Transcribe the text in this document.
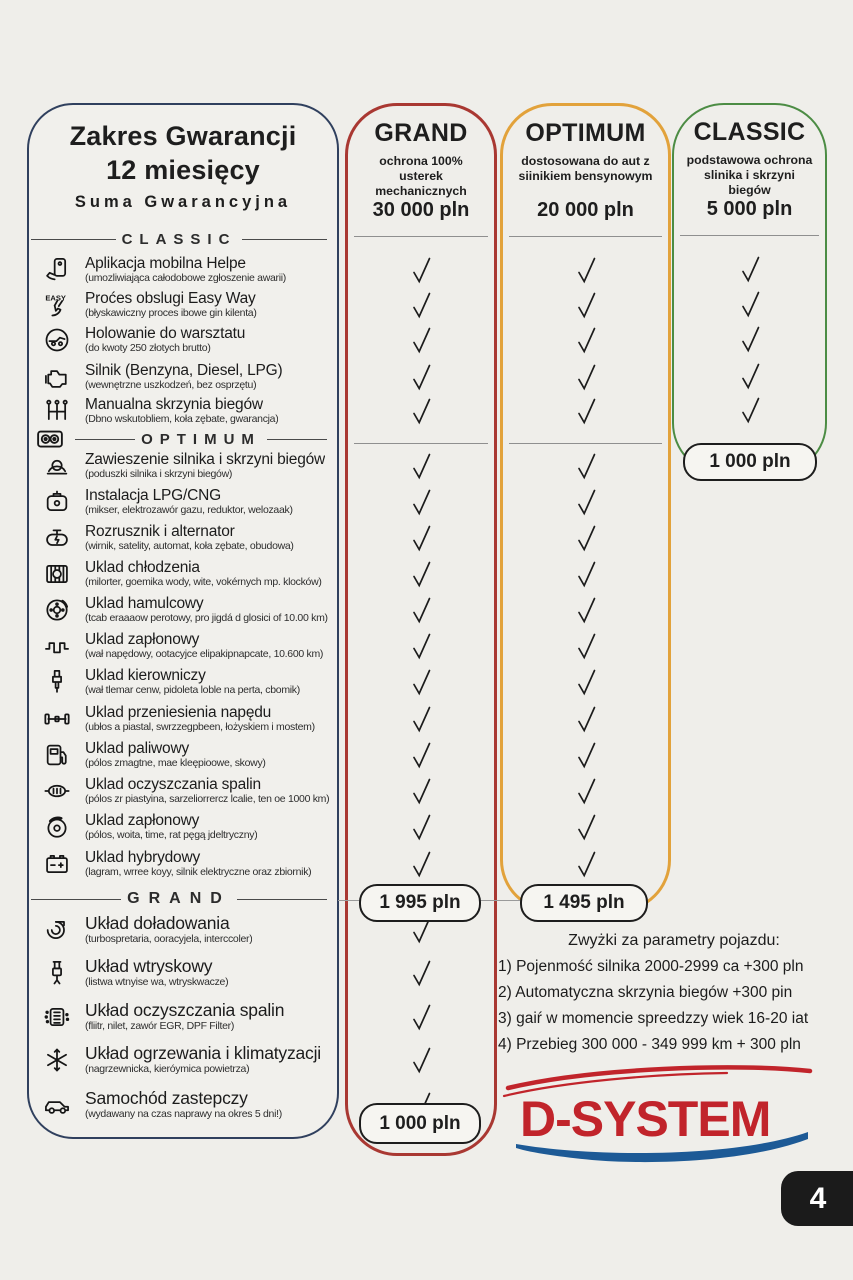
Zakres Gwarancji
12 miesięcy
Suma Gwarancyjna
CLASSIC
Aplikacja mobilna Helpe
(umozliwiająca całodobowe zgłoszenie awarii)
EASY Proćes obslugi Easy Way
(błyskawiczny proces ibowe gin kilenta)
Holowanie do warsztatu
(do kwoty 250 złotych brutto)
Silnik (Benzyna, Diesel, LPG)
(wewnętrzne uszkodzeń, bez osprzętu)
Manualna skrzynia biegów
(Dbno wskutobliem, koła zębate, gwarancja)
OPTIMUM
Zawieszenie silnika i skrzyni biegów
(poduszki silnika i skrzyni biegów)
Instalacja LPG/CNG
(mikser, elektrozawór gazu, reduktor, welozaak)
Rozrusznik i alternator
(wirnik, satelity, automat, koła zębate, obudowa)
Uklad chłodzenia
(milorter, goemika wody, wite, vokérnych mp. klocków)
Uklad hamulcowy
(tcab eraaaow perotowy, pro jigdá d glosici of 10.00 km)
Uklad zapłonowy
(wał napędowy, ootacyjce elipakipnapcate, 10.600 km)
Uklad kierowniczy
(wał tlemar cenw, pidoleta loble na perta, cbomik)
Uklad przeniesienia napędu
(ubłos a piastal, swrzzegpbeen, łożyskiem i mostem)
Uklad paliwowy
(pólos zmagtne, mae kleępioowe, skowy)
Uklad oczyszczania spalin
(pólos zr piastyina, sarzeliorrercz lcalie, ten oe 1000 km)
Uklad zapłonowy
(pólos, woita, time, rat pęgą jdeltryczny)
Uklad hybrydowy
(lagram, wrree koyy, silnik elektryczne oraz zbiornik)
GRAND
Układ doładowania
(turbospretaria, ooracyjela, interccoler)
Układ wtryskowy
(listwa wtnyise wa, wtryskwacze)
Układ oczyszczania spalin
(fliitr, nilet, zawór EGR, DPF Filter)
Układ ogrzewania i klimatyzacji
(nagrzewnicka, kieróymica powietrza)
Samochód zastepczy
(wydawany na czas naprawy na okres 5 dni!)
GRAND
ochrona 100% usterek mechanicznych
30 000 pln
OPTIMUM
dostosowana do aut z siinikiem bensynowym
20 000 pln
CLASSIC
podstawowa ochrona slinika i skrzyni biegów
5 000 pln
1 000 pln
1 995 pln	1 495 pln
1 000 pln
Zwyżki za parametry pojazdu:
1) Pojenmość silnika 2000-2999 ca +300 pln
2) Automatyczna skrzynia biegów +300 pin
3) gaiŕ w momencie spreedzzy wiek 16-20 iat
4) Przebieg 300 000 - 349 999 km + 300 pln
D-SYSTEM
4
